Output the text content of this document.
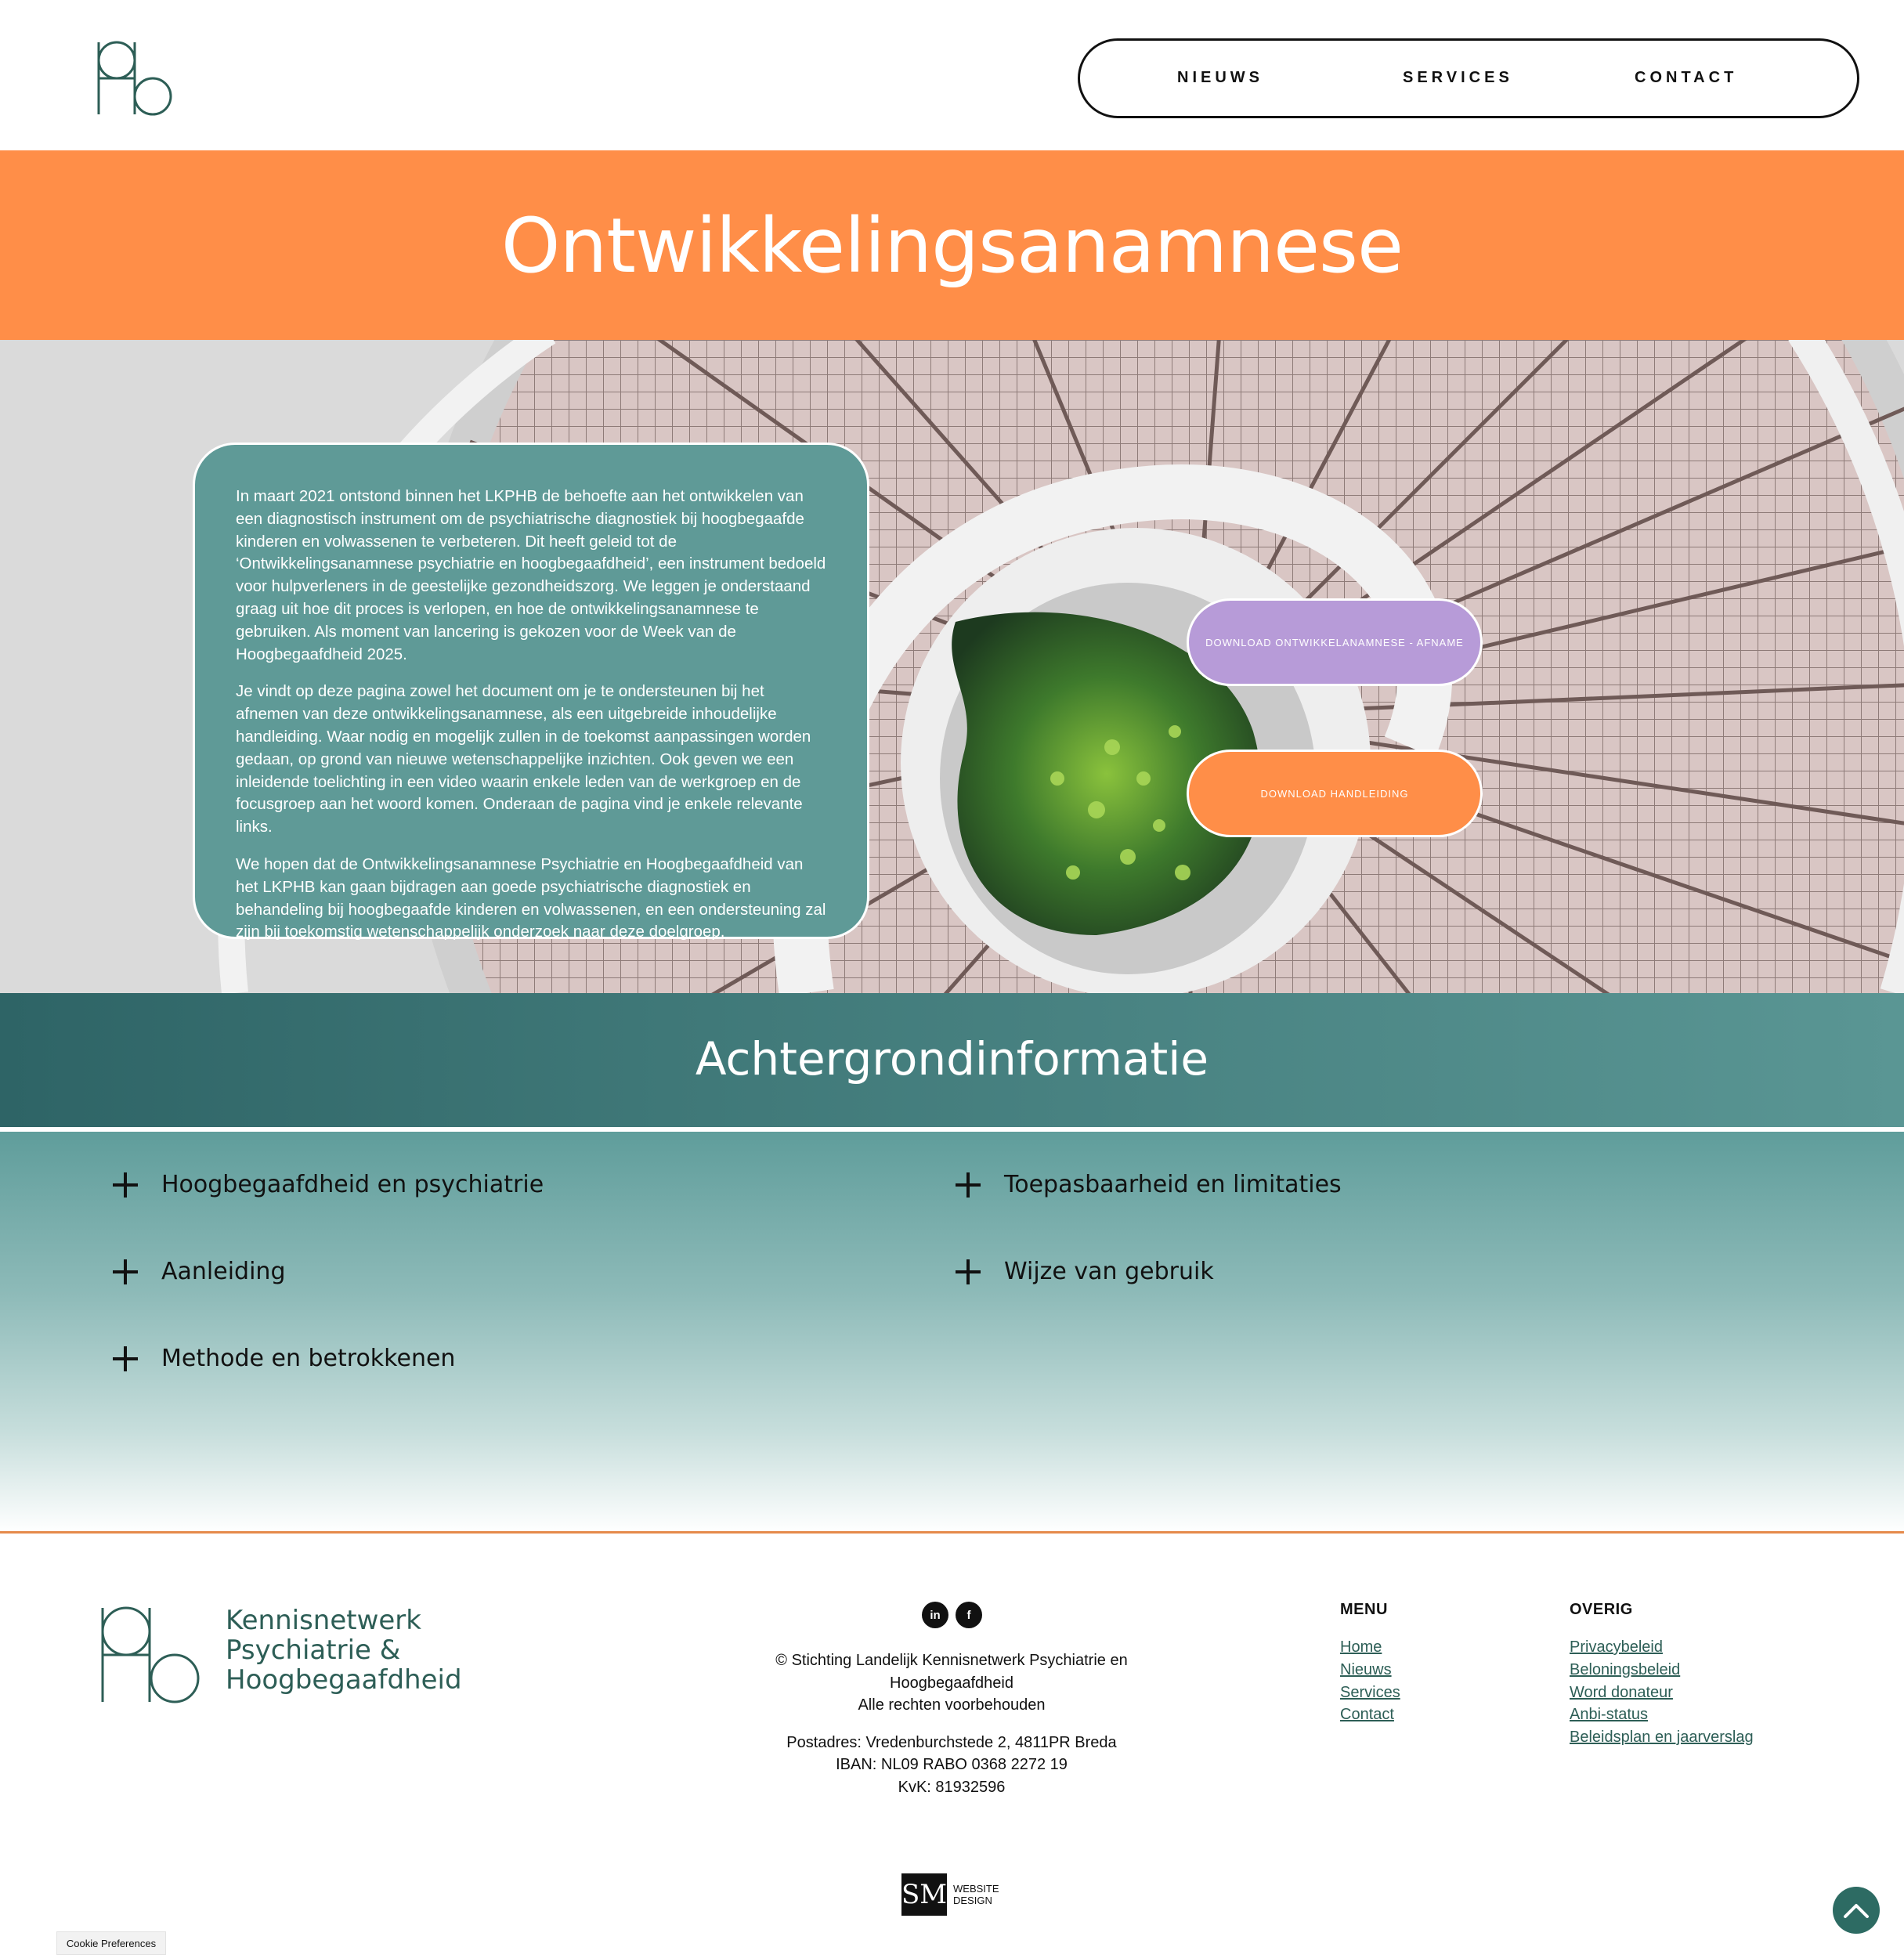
NIEUWS	SERVICES	CONTACT
Ontwikkelingsanamnese

In maart 2021 ontstond binnen het LKPHB de behoefte aan het ontwikkelen van een diagnostisch instrument om de psychiatrische diagnostiek bij hoogbegaafde kinderen en volwassenen te verbeteren. Dit heeft geleid tot de ‘Ontwikkelingsanamnese psychiatrie en hoogbegaafdheid’, een instrument bedoeld voor hulpverleners in de geestelijke gezondheidszorg. We leggen je onderstaand graag uit hoe dit proces is verlopen, en hoe de ontwikkelingsanamnese te gebruiken. Als moment van lancering is gekozen voor de Week van de Hoogbegaafdheid 2025.

Je vindt op deze pagina zowel het document om je te ondersteunen bij het afnemen van deze ontwikkelingsanamnese, als een uitgebreide inhoudelijke handleiding. Waar nodig en mogelijk zullen in de toekomst aanpassingen worden gedaan, op grond van nieuwe wetenschappelijke inzichten. Ook geven we een inleidende toelichting in een video waarin enkele leden van de werkgroep en de focusgroep aan het woord komen. Onderaan de pagina vind je enkele relevante links.

We hopen dat de Ontwikkelingsanamnese Psychiatrie en Hoogbegaafdheid van het LKPHB kan gaan bijdragen aan goede psychiatrische diagnostiek en behandeling bij hoogbegaafde kinderen en volwassenen, en een ondersteuning zal zijn bij toekomstig wetenschappelijk onderzoek naar deze doelgroep.

DOWNLOAD ONTWIKKELANAMNESE - AFNAME
DOWNLOAD HANDLEIDING
Achtergrondinformatie
Hoogbegaafdheid en psychiatrie
Aanleiding
Methode en betrokkenen
Toepasbaarheid en limitaties
Wijze van gebruik
Kennisnetwerk
Psychiatrie &
Hoogbegaafdheid
in	f
© Stichting Landelijk Kennisnetwerk Psychiatrie en
Hoogbegaafdheid
Alle rechten voorbehouden
Postadres: Vredenburchstede 2, 4811PR Breda
IBAN: NL09 RABO 0368 2272 19
KvK: 81932596
MENU
Home
Nieuws
Services
Contact
OVERIG
Privacybeleid
Beloningsbeleid
Word donateur
Anbi-status
Beleidsplan en jaarverslag
SM WEBSITE
DESIGN
Cookie Preferences
